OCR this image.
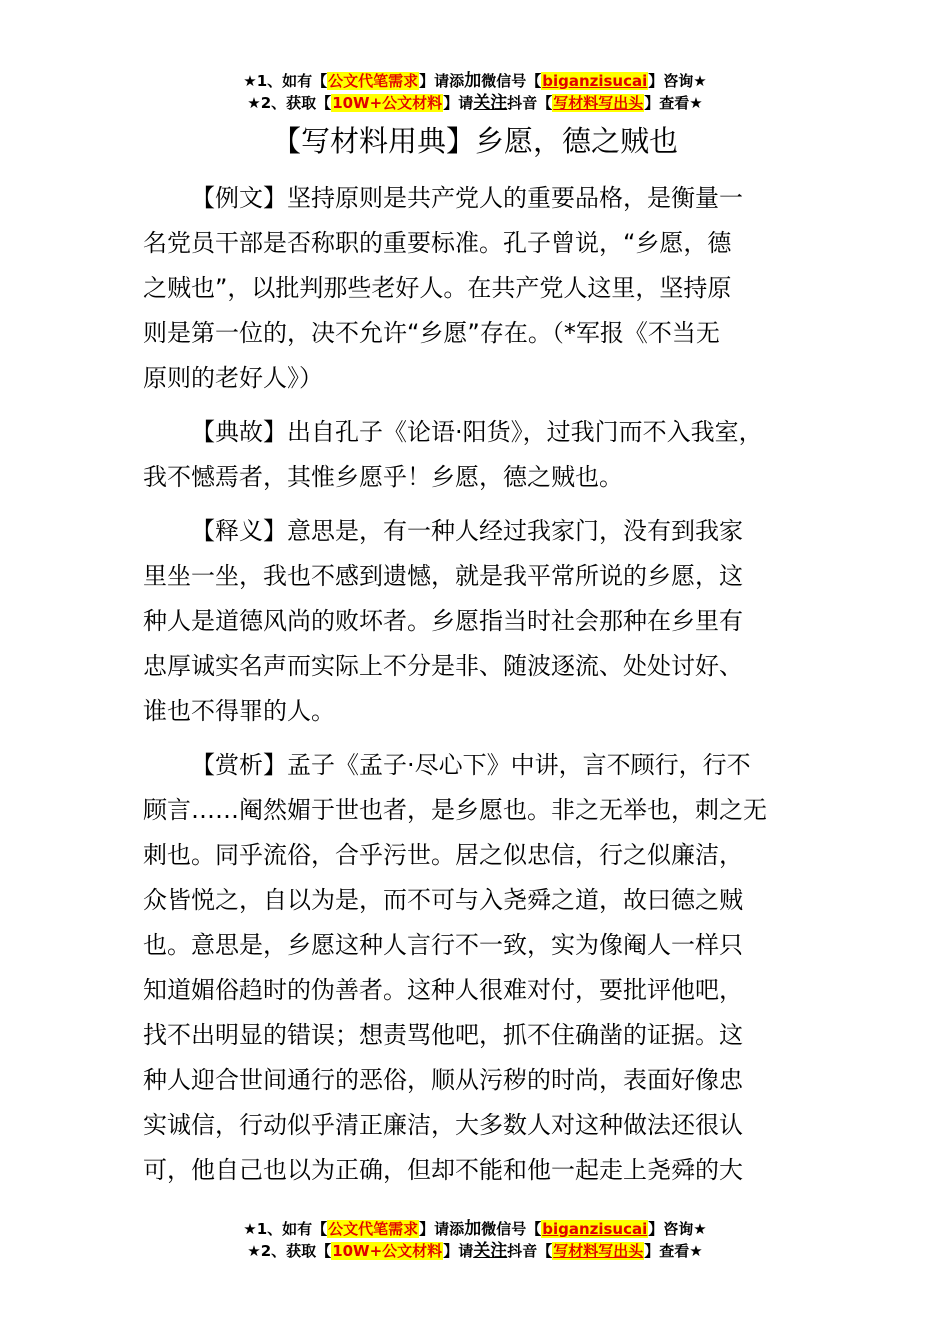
★1、如有【公文代笔需求】请添加微信号【biganzisucai】咨询★
★2、获取【10W+公文材料】请关注抖音【写材料写出头】查看★
【写材料用典】乡愿，德之贼也
【例文】坚持原则是共产党人的重要品格，是衡量一
名党员干部是否称职的重要标准。孔子曾说，“乡愿，德
之贼也”，以批判那些老好人。在共产党人这里，坚持原
则是第一位的，决不允许“乡愿”存在。（*军报《不当无
原则的老好人》）
【典故】出自孔子《论语·阳货》，过我门而不入我室，
我不憾焉者，其惟乡愿乎！乡愿，德之贼也。
【释义】意思是，有一种人经过我家门，没有到我家
里坐一坐，我也不感到遗憾，就是我平常所说的乡愿，这
种人是道德风尚的败坏者。乡愿指当时社会那种在乡里有
忠厚诚实名声而实际上不分是非、随波逐流、处处讨好、
谁也不得罪的人。
【赏析】孟子《孟子·尽心下》中讲，言不顾行，行不
顾言……阉然媚于世也者，是乡愿也。非之无举也，刺之无
刺也。同乎流俗，合乎污世。居之似忠信，行之似廉洁，
众皆悦之，自以为是，而不可与入尧舜之道，故曰德之贼
也。意思是，乡愿这种人言行不一致，实为像阉人一样只
知道媚俗趋时的伪善者。这种人很难对付，要批评他吧，
找不出明显的错误；想责骂他吧，抓不住确凿的证据。这
种人迎合世间通行的恶俗，顺从污秽的时尚，表面好像忠
实诚信，行动似乎清正廉洁，大多数人对这种做法还很认
可，他自己也以为正确，但却不能和他一起走上尧舜的大
★1、如有【公文代笔需求】请添加微信号【biganzisucai】咨询★
★2、获取【10W+公文材料】请关注抖音【写材料写出头】查看★
